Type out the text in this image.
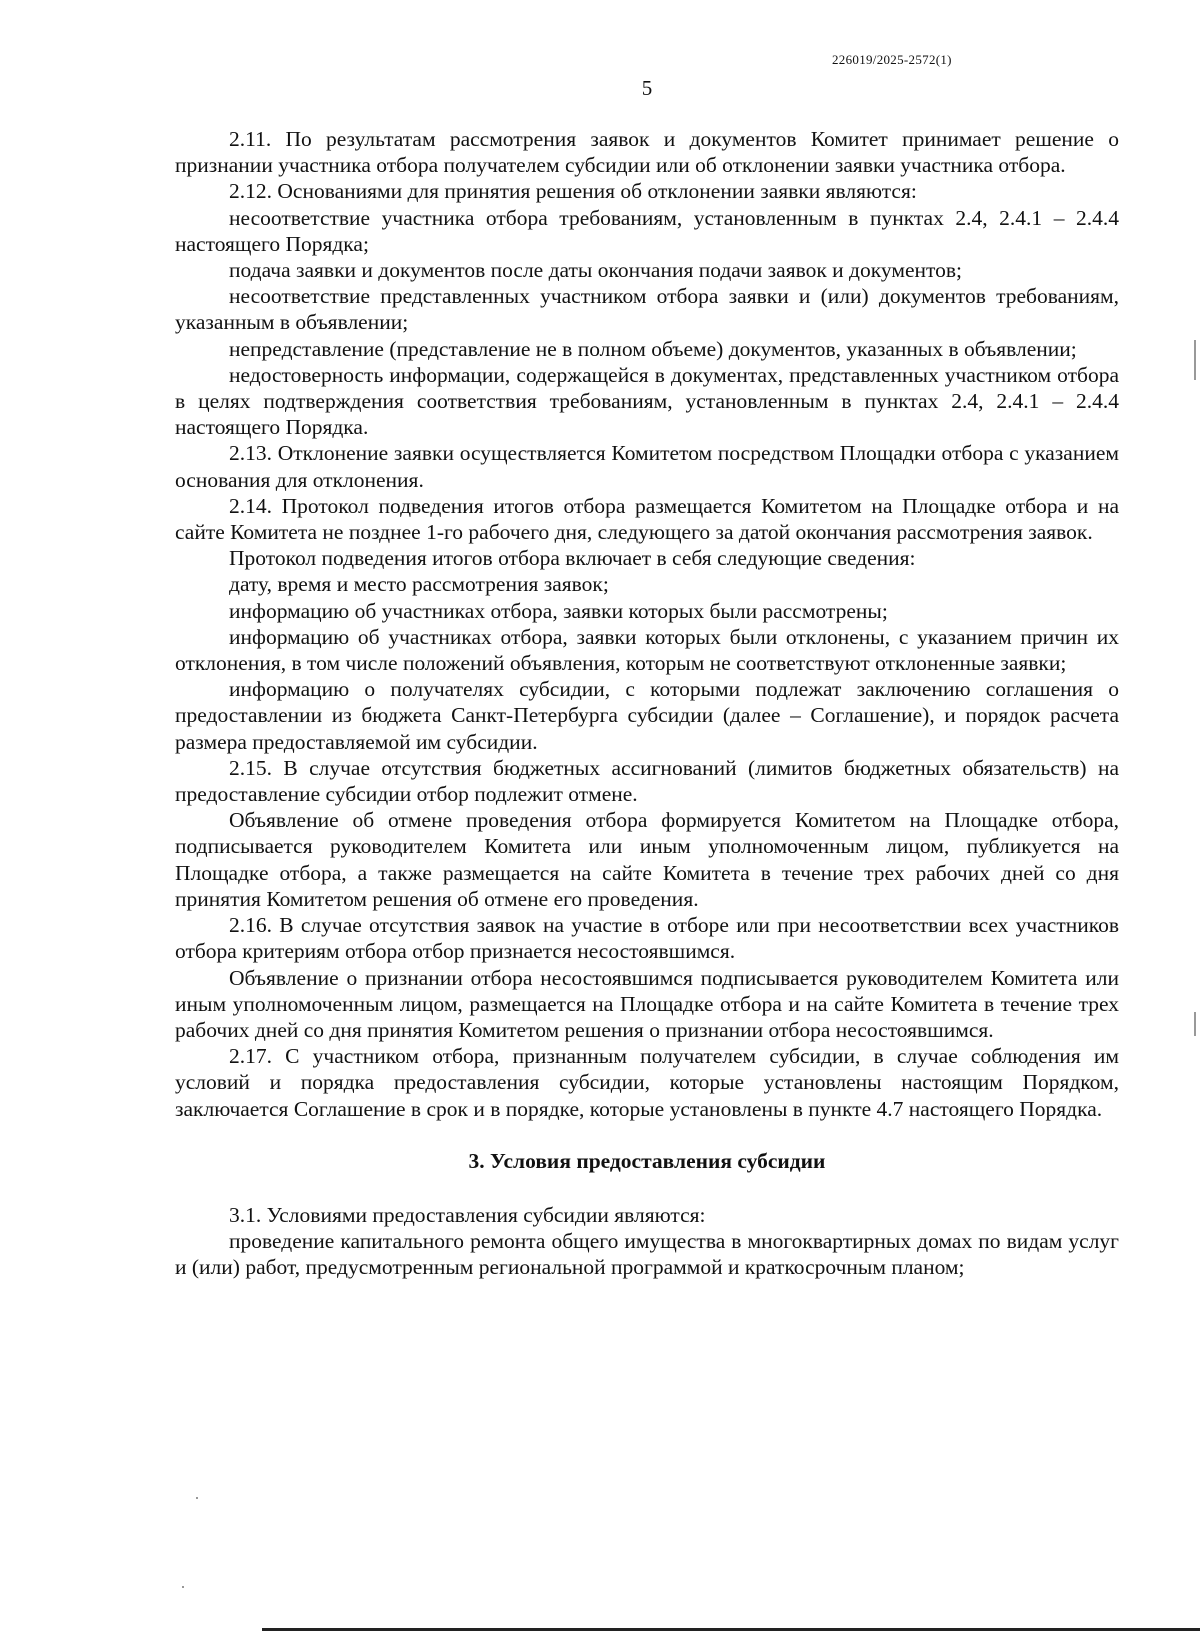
226019/2025-2572(1)
5

2.11. По результатам рассмотрения заявок и документов Комитет принимает решение о признании участника отбора получателем субсидии или об отклонении заявки участника отбора.

2.12. Основаниями для принятия решения об отклонении заявки являются:

несоответствие участника отбора требованиям, установленным в пунктах 2.4, 2.4.1 – 2.4.4 настоящего Порядка;

подача заявки и документов после даты окончания подачи заявок и документов;

несоответствие представленных участником отбора заявки и (или) документов требованиям, указанным в объявлении;

непредставление (представление не в полном объеме) документов, указанных в объявлении;

недостоверность информации, содержащейся в документах, представленных участником отбора в целях подтверждения соответствия требованиям, установленным в пунктах 2.4, 2.4.1 – 2.4.4 настоящего Порядка.

2.13. Отклонение заявки осуществляется Комитетом посредством Площадки отбора с указанием основания для отклонения.

2.14. Протокол подведения итогов отбора размещается Комитетом на Площадке отбора и на сайте Комитета не позднее 1-го рабочего дня, следующего за датой окончания рассмотрения заявок.

Протокол подведения итогов отбора включает в себя следующие сведения:

дату, время и место рассмотрения заявок;

информацию об участниках отбора, заявки которых были рассмотрены;

информацию об участниках отбора, заявки которых были отклонены, с указанием причин их отклонения, в том числе положений объявления, которым не соответствуют отклоненные заявки;

информацию о получателях субсидии, с которыми подлежат заключению соглашения о предоставлении из бюджета Санкт-Петербурга субсидии (далее – Соглашение), и порядок расчета размера предоставляемой им субсидии.

2.15. В случае отсутствия бюджетных ассигнований (лимитов бюджетных обязательств) на предоставление субсидии отбор подлежит отмене.

Объявление об отмене проведения отбора формируется Комитетом на Площадке отбора, подписывается руководителем Комитета или иным уполномоченным лицом, публикуется на Площадке отбора, а также размещается на сайте Комитета в течение трех рабочих дней со дня принятия Комитетом решения об отмене его проведения.

2.16. В случае отсутствия заявок на участие в отборе или при несоответствии всех участников отбора критериям отбора отбор признается несостоявшимся.

Объявление о признании отбора несостоявшимся подписывается руководителем Комитета или иным уполномоченным лицом, размещается на Площадке отбора и на сайте Комитета в течение трех рабочих дней со дня принятия Комитетом решения о признании отбора несостоявшимся.

2.17. С участником отбора, признанным получателем субсидии, в случае соблюдения им условий и порядка предоставления субсидии, которые установлены настоящим Порядком, заключается Соглашение в срок и в порядке, которые установлены в пункте 4.7 настоящего Порядка.

3. Условия предоставления субсидии

3.1. Условиями предоставления субсидии являются:

проведение капитального ремонта общего имущества в многоквартирных домах по видам услуг и (или) работ, предусмотренным региональной программой и краткосрочным планом;
